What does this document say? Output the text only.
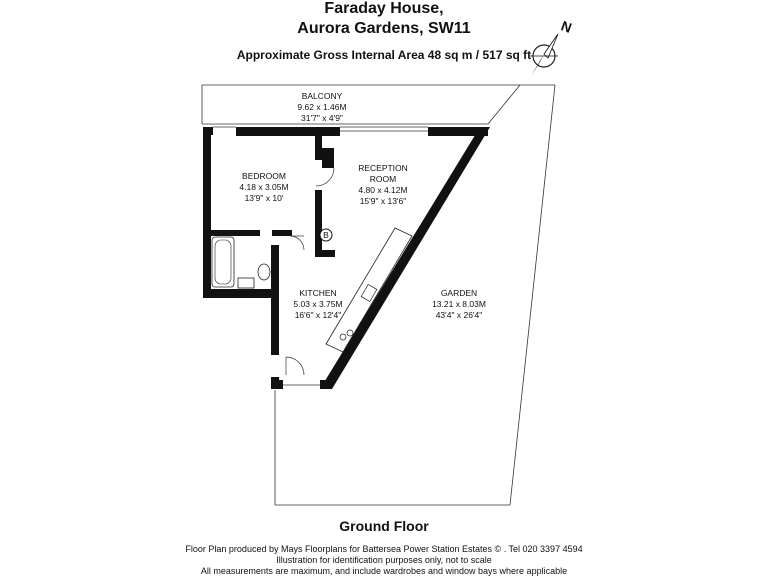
Faraday House,
Aurora Gardens, SW11
Approximate Gross Internal Area 48 sq m / 517 sq ft
N
B
BALCONY
9.62 x 1.46M
31'7" x 4'9"
BEDROOM
4.18 x 3.05M
13'9" x 10'
RECEPTION
ROOM
4.80 x 4.12M
15'9" x 13'6"
KITCHEN
5.03 x 3.75M
16'6" x 12'4"
GARDEN
13.21 x 8.03M
43'4" x 26'4"
Ground Floor
Floor Plan produced by Mays Floorplans for Battersea Power Station Estates © . Tel 020 3397 4594
Illustration for identification purposes only, not to scale
All measurements are maximum, and include wardrobes and window bays where applicable
